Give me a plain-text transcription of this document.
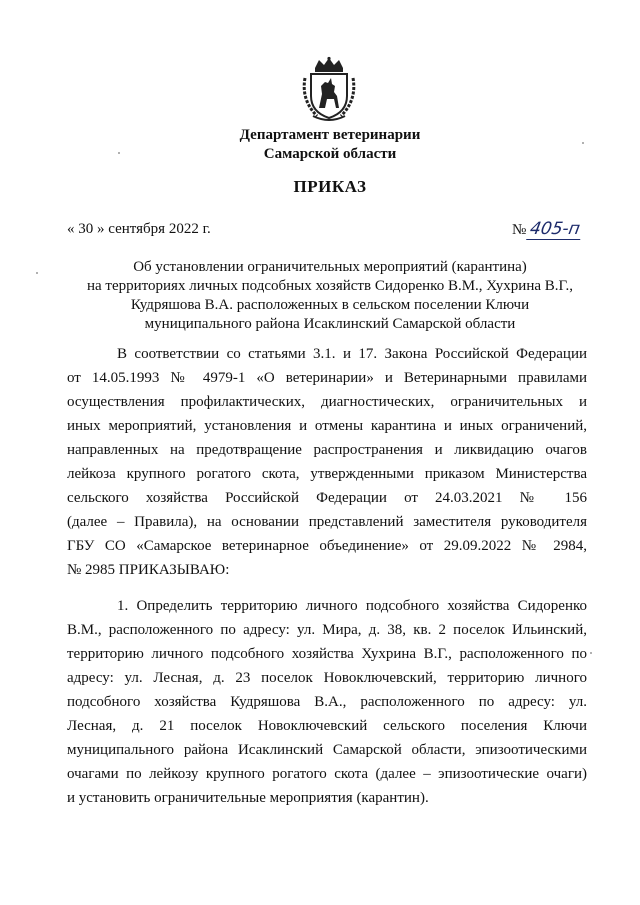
Департамент ветеринарии
Самарской области
ПРИКАЗ
« 30 » сентября 2022 г.	№ 405-п
Об установлении ограничительных мероприятий (карантина)
на территориях личных подсобных хозяйств Сидоренко В.М., Хухрина В.Г.,
Кудряшова В.А. расположенных в сельском поселении Ключи
муниципального района Исаклинский Самарской области
В соответствии со статьями 3.1. и 17. Закона Российской Федерации
от 14.05.1993 № 4979-1 «О ветеринарии» и Ветеринарными правилами
осуществления профилактических, диагностических, ограничительных и
иных мероприятий, установления и отмены карантина и иных ограничений,
направленных на предотвращение распространения и ликвидацию очагов
лейкоза крупного рогатого скота, утвержденными приказом Министерства
сельского хозяйства Российской Федерации от 24.03.2021 № 156
(далее – Правила), на основании представлений заместителя руководителя
ГБУ СО «Самарское ветеринарное объединение» от 29.09.2022 № 2984,
№ 2985 ПРИКАЗЫВАЮ:
1. Определить территорию личного подсобного хозяйства Сидоренко
В.М., расположенного по адресу: ул. Мира, д. 38, кв. 2 поселок Ильинский,
территорию личного подсобного хозяйства Хухрина В.Г., расположенного по
адресу: ул. Лесная, д. 23 поселок Новоключевский, территорию личного
подсобного хозяйства Кудряшова В.А., расположенного по адресу: ул.
Лесная, д. 21 поселок Новоключевский сельского поселения Ключи
муниципального района Исаклинский Самарской области, эпизоотическими
очагами по лейкозу крупного рогатого скота (далее – эпизоотические очаги)
и установить ограничительные мероприятия (карантин).
